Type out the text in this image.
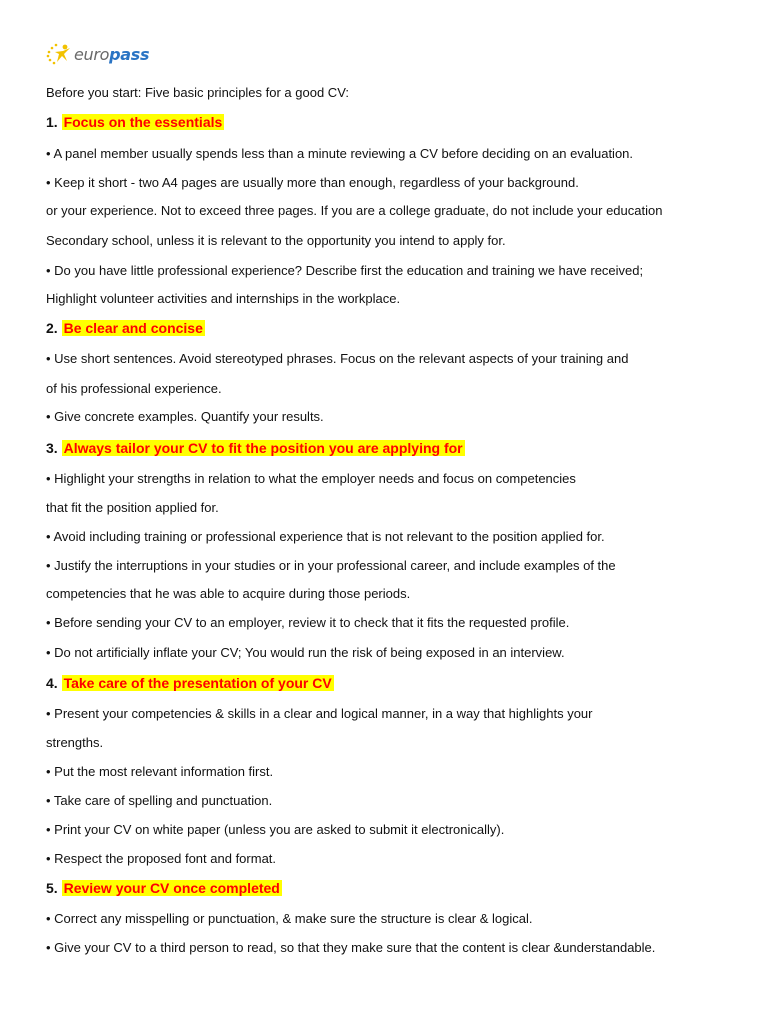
europass
Before you start: Five basic principles for a good CV:
1. Focus on the essentials
• A panel member usually spends less than a minute reviewing a CV before deciding on an evaluation.
• Keep it short - two A4 pages are usually more than enough, regardless of your background.
or your experience. Not to exceed three pages. If you are a college graduate, do not include your education
Secondary school, unless it is relevant to the opportunity you intend to apply for.
• Do you have little professional experience? Describe first the education and training we have received;
Highlight volunteer activities and internships in the workplace.
2. Be clear and concise
• Use short sentences. Avoid stereotyped phrases. Focus on the relevant aspects of your training and
of his professional experience.
• Give concrete examples. Quantify your results.
3. Always tailor your CV to fit the position you are applying for
• Highlight your strengths in relation to what the employer needs and focus on competencies
that fit the position applied for.
• Avoid including training or professional experience that is not relevant to the position applied for.
• Justify the interruptions in your studies or in your professional career, and include examples of the
competencies that he was able to acquire during those periods.
• Before sending your CV to an employer, review it to check that it fits the requested profile.
• Do not artificially inflate your CV; You would run the risk of being exposed in an interview.
4. Take care of the presentation of your CV
• Present your competencies & skills in a clear and logical manner, in a way that highlights your
strengths.
• Put the most relevant information first.
• Take care of spelling and punctuation.
• Print your CV on white paper (unless you are asked to submit it electronically).
• Respect the proposed font and format.
5. Review your CV once completed
• Correct any misspelling or punctuation, & make sure the structure is clear & logical.
• Give your CV to a third person to read, so that they make sure that the content is clear &understandable.
